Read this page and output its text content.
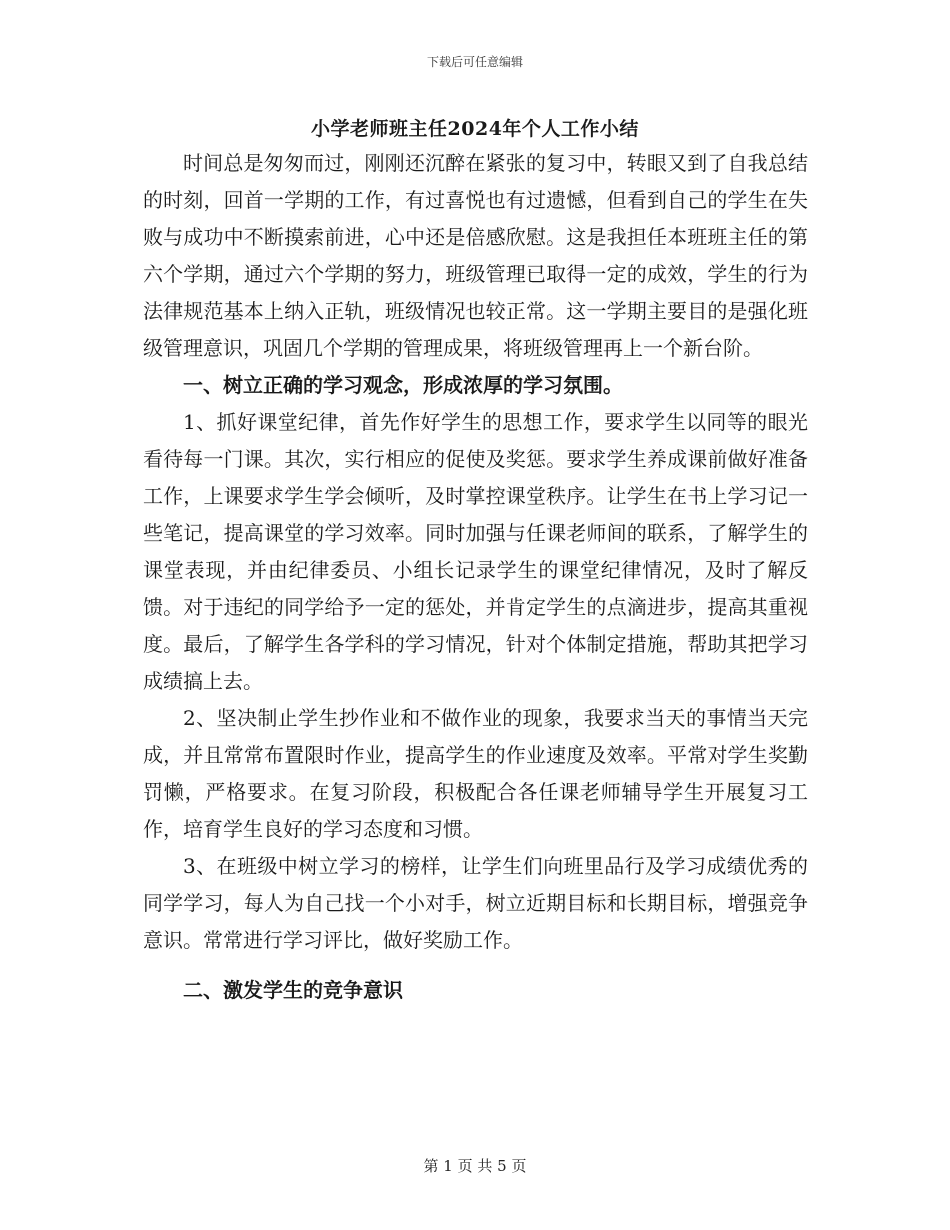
下载后可任意编辑
小学老师班主任2024年个人工作小结

时间总是匆匆而过，刚刚还沉醉在紧张的复习中，转眼又到了自我总结的时刻，回首一学期的工作，有过喜悦也有过遗憾，但看到自己的学生在失败与成功中不断摸索前进，心中还是倍感欣慰。这是我担任本班班主任的第六个学期，通过六个学期的努力，班级管理已取得一定的成效，学生的行为法律规范基本上纳入正轨，班级情况也较正常。这一学期主要目的是强化班级管理意识，巩固几个学期的管理成果，将班级管理再上一个新台阶。

一、树立正确的学习观念，形成浓厚的学习氛围。

1、抓好课堂纪律，首先作好学生的思想工作，要求学生以同等的眼光看待每一门课。其次，实行相应的促使及奖惩。要求学生养成课前做好准备工作，上课要求学生学会倾听，及时掌控课堂秩序。让学生在书上学习记一些笔记，提高课堂的学习效率。同时加强与任课老师间的联系，了解学生的课堂表现，并由纪律委员、小组长记录学生的课堂纪律情况，及时了解反馈。对于违纪的同学给予一定的惩处，并肯定学生的点滴进步，提高其重视度。最后，了解学生各学科的学习情况，针对个体制定措施，帮助其把学习成绩搞上去。

2、坚决制止学生抄作业和不做作业的现象，我要求当天的事情当天完成，并且常常布置限时作业，提高学生的作业速度及效率。平常对学生奖勤罚懒，严格要求。在复习阶段，积极配合各任课老师辅导学生开展复习工作，培育学生良好的学习态度和习惯。

3、在班级中树立学习的榜样，让学生们向班里品行及学习成绩优秀的同学学习，每人为自己找一个小对手，树立近期目标和长期目标，增强竞争意识。常常进行学习评比，做好奖励工作。

二、激发学生的竞争意识

第 1 页 共 5 页
